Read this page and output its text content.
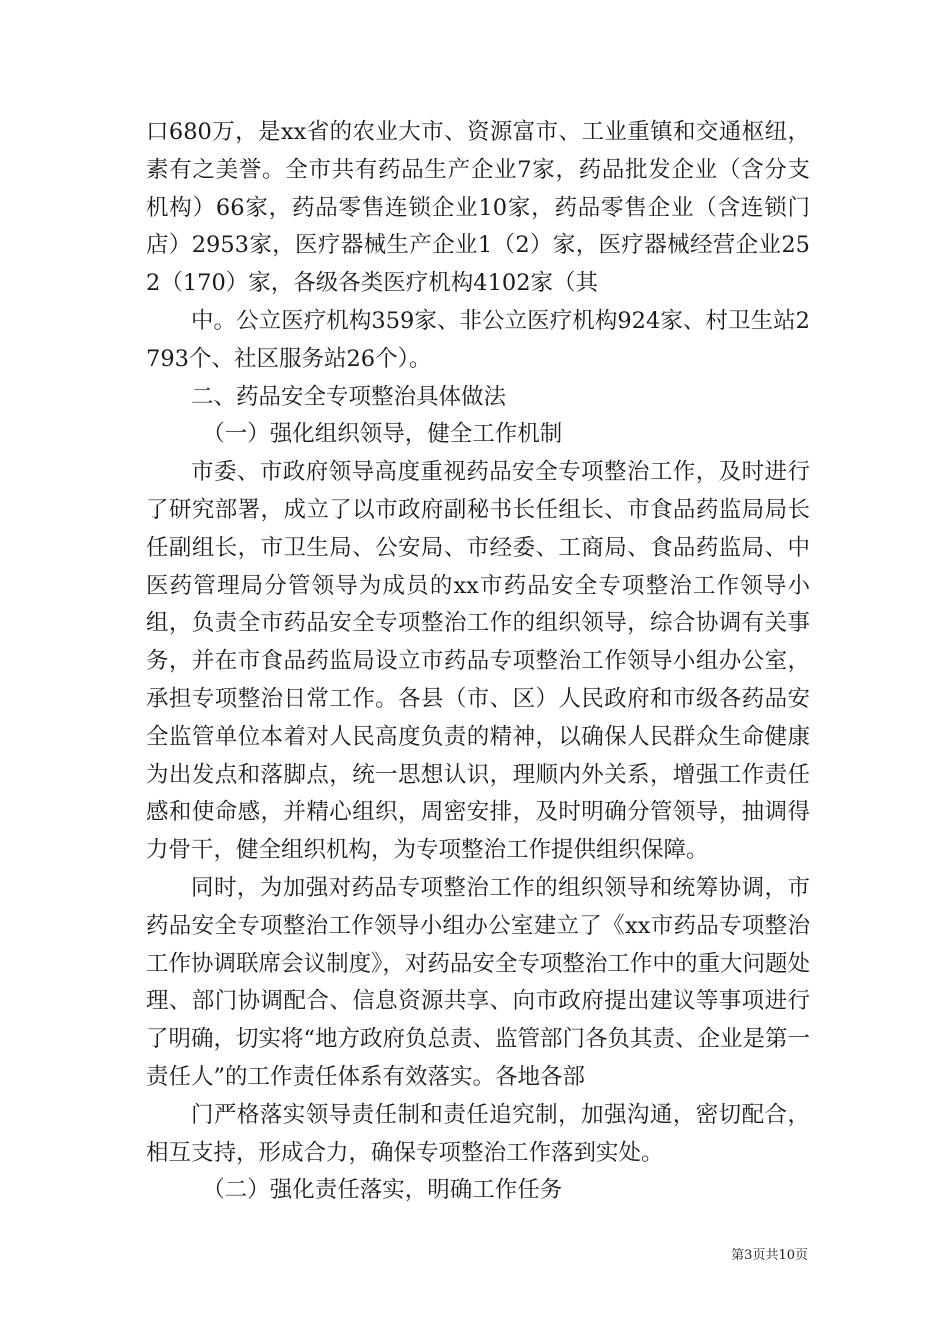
口680万，是xx省的农业大市、资源富市、工业重镇和交通枢纽，素有之美誉。全市共有药品生产企业7家，药品批发企业（含分支机构）66家，药品零售连锁企业10家，药品零售企业（含连锁门店）2953家，医疗器械生产企业1（2）家，医疗器械经营企业252（170）家，各级各类医疗机构4102家（其

中。公立医疗机构359家、非公立医疗机构924家、村卫生站2793个、社区服务站26个）。

二、药品安全专项整治具体做法

（一）强化组织领导，健全工作机制

市委、市政府领导高度重视药品安全专项整治工作，及时进行了研究部署，成立了以市政府副秘书长任组长、市食品药监局局长任副组长，市卫生局、公安局、市经委、工商局、食品药监局、中医药管理局分管领导为成员的xx市药品安全专项整治工作领导小组，负责全市药品安全专项整治工作的组织领导，综合协调有关事务，并在市食品药监局设立市药品专项整治工作领导小组办公室，承担专项整治日常工作。各县（市、区）人民政府和市级各药品安全监管单位本着对人民高度负责的精神，以确保人民群众生命健康为出发点和落脚点，统一思想认识，理顺内外关系，增强工作责任感和使命感，并精心组织，周密安排，及时明确分管领导，抽调得力骨干，健全组织机构，为专项整治工作提供组织保障。

同时，为加强对药品专项整治工作的组织领导和统筹协调，市药品安全专项整治工作领导小组办公室建立了《xx市药品专项整治工作协调联席会议制度》，对药品安全专项整治工作中的重大问题处理、部门协调配合、信息资源共享、向市政府提出建议等事项进行了明确，切实将“地方政府负总责、监管部门各负其责、企业是第一责任人”的工作责任体系有效落实。各地各部

门严格落实领导责任制和责任追究制，加强沟通，密切配合，相互支持，形成合力，确保专项整治工作落到实处。

（二）强化责任落实，明确工作任务

第3页共10页
